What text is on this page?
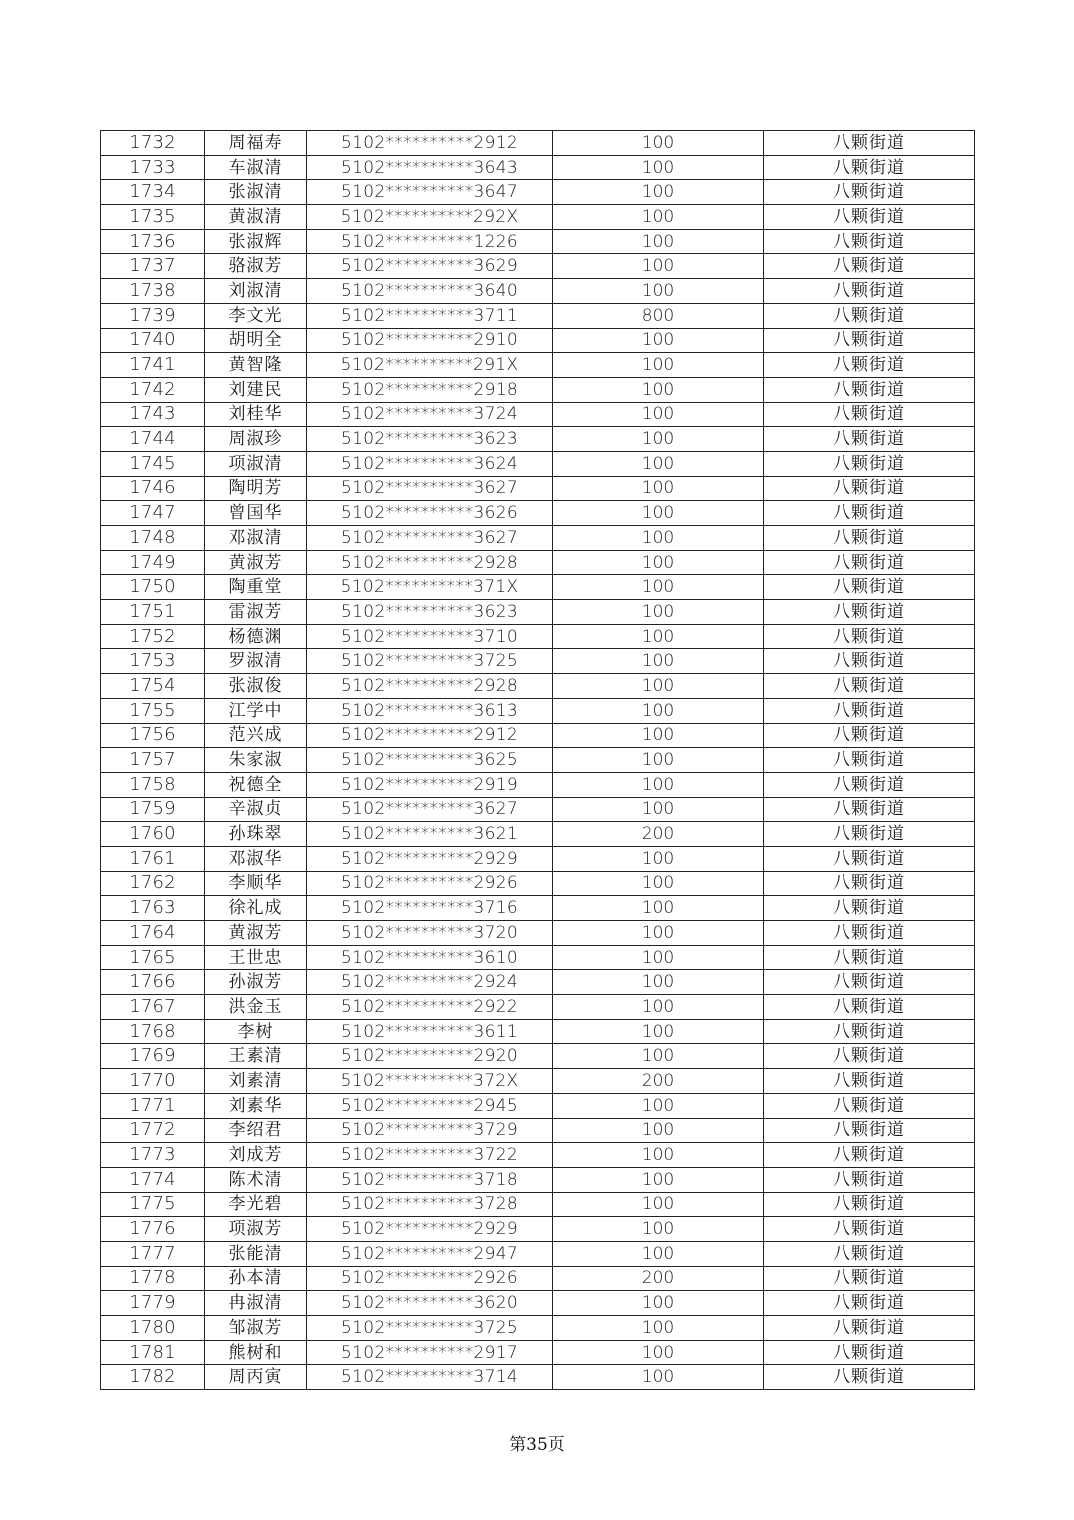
1732	周福寿	5102**********2912	100	八颗街道
1733	车淑清	5102**********3643	100	八颗街道
1734	张淑清	5102**********3647	100	八颗街道
1735	黄淑清	5102**********292X	100	八颗街道
1736	张淑辉	5102**********1226	100	八颗街道
1737	骆淑芳	5102**********3629	100	八颗街道
1738	刘淑清	5102**********3640	100	八颗街道
1739	李文光	5102**********3711	800	八颗街道
1740	胡明全	5102**********2910	100	八颗街道
1741	黄智隆	5102**********291X	100	八颗街道
1742	刘建民	5102**********2918	100	八颗街道
1743	刘桂华	5102**********3724	100	八颗街道
1744	周淑珍	5102**********3623	100	八颗街道
1745	项淑清	5102**********3624	100	八颗街道
1746	陶明芳	5102**********3627	100	八颗街道
1747	曾国华	5102**********3626	100	八颗街道
1748	邓淑清	5102**********3627	100	八颗街道
1749	黄淑芳	5102**********2928	100	八颗街道
1750	陶重堂	5102**********371X	100	八颗街道
1751	雷淑芳	5102**********3623	100	八颗街道
1752	杨德渊	5102**********3710	100	八颗街道
1753	罗淑清	5102**********3725	100	八颗街道
1754	张淑俊	5102**********2928	100	八颗街道
1755	江学中	5102**********3613	100	八颗街道
1756	范兴成	5102**********2912	100	八颗街道
1757	朱家淑	5102**********3625	100	八颗街道
1758	祝德全	5102**********2919	100	八颗街道
1759	辛淑贞	5102**********3627	100	八颗街道
1760	孙珠翠	5102**********3621	200	八颗街道
1761	邓淑华	5102**********2929	100	八颗街道
1762	李顺华	5102**********2926	100	八颗街道
1763	徐礼成	5102**********3716	100	八颗街道
1764	黄淑芳	5102**********3720	100	八颗街道
1765	王世忠	5102**********3610	100	八颗街道
1766	孙淑芳	5102**********2924	100	八颗街道
1767	洪金玉	5102**********2922	100	八颗街道
1768	李树	5102**********3611	100	八颗街道
1769	王素清	5102**********2920	100	八颗街道
1770	刘素清	5102**********372X	200	八颗街道
1771	刘素华	5102**********2945	100	八颗街道
1772	李绍君	5102**********3729	100	八颗街道
1773	刘成芳	5102**********3722	100	八颗街道
1774	陈术清	5102**********3718	100	八颗街道
1775	李光碧	5102**********3728	100	八颗街道
1776	项淑芳	5102**********2929	100	八颗街道
1777	张能清	5102**********2947	100	八颗街道
1778	孙本清	5102**********2926	200	八颗街道
1779	冉淑清	5102**********3620	100	八颗街道
1780	邹淑芳	5102**********3725	100	八颗街道
1781	熊树和	5102**********2917	100	八颗街道
1782	周丙寅	5102**********3714	100	八颗街道
第35页
